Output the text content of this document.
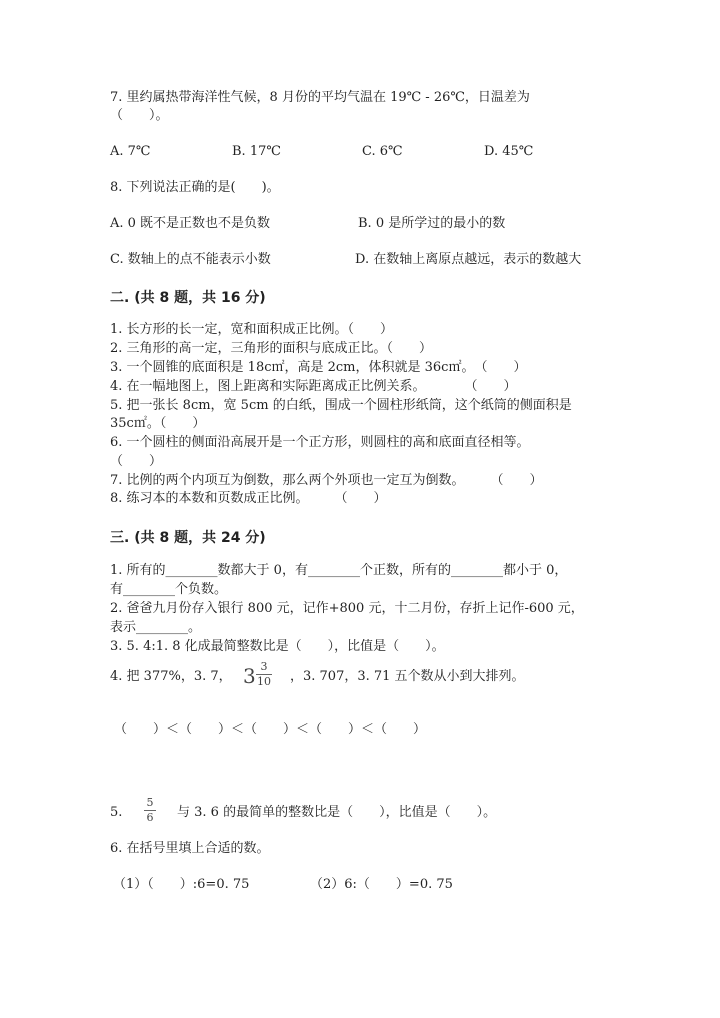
7. 里约属热带海洋性气候，8 月份的平均气温在 19℃ - 26℃，日温差为
（　　）。
A. 7℃	B. 17℃	C. 6℃	D. 45℃
8. 下列说法正确的是(　　)。
A. 0 既不是正数也不是负数	B. 0 是所学过的最小的数
C. 数轴上的点不能表示小数	D. 在数轴上离原点越远，表示的数越大
二. (共 8 题，共 16 分)
1. 长方形的长一定，宽和面积成正比例。（　　）
2. 三角形的高一定，三角形的面积与底成正比。（　　）
3. 一个圆锥的底面积是 18c㎡，高是 2cm，体积就是 36c㎡。　（　　）
4. 在一幅地图上，图上距离和实际距离成正比例关系。　　　　（　　）
5. 把一张长 8cm，宽 5cm 的白纸，围成一个圆柱形纸筒，这个纸筒的侧面积是
35c㎡。（　　）
6. 一个圆柱的侧面沿高展开是一个正方形，则圆柱的高和底面直径相等。
（　　）
7. 比例的两个内项互为倒数，那么两个外项也一定互为倒数。　　　（　　）
8. 练习本的本数和页数成正比例。　　　（　　）
三. (共 8 题，共 24 分)
1. 所有的________数都大于 0，有________个正数，所有的________都小于 0，
有________个负数。
2. 爸爸九月份存入银行 800 元，记作+800 元，十二月份，存折上记作-600 元，
表示________。
3. 5. 4:1. 8 化成最简整数比是（　　），比值是（　　）。
4. 把 377%，3. 7， 3 3
10 ，3. 707，3. 71 五个数从小到大排列。
（　　）＜（　　）＜（　　）＜（　　）＜（　　）
5.
5
6 与 3. 6 的最简单的整数比是（　　），比值是（　　）。
6. 在括号里填上合适的数。
（1）（　　）:6=0. 75	（2）6:（　　）=0. 75
